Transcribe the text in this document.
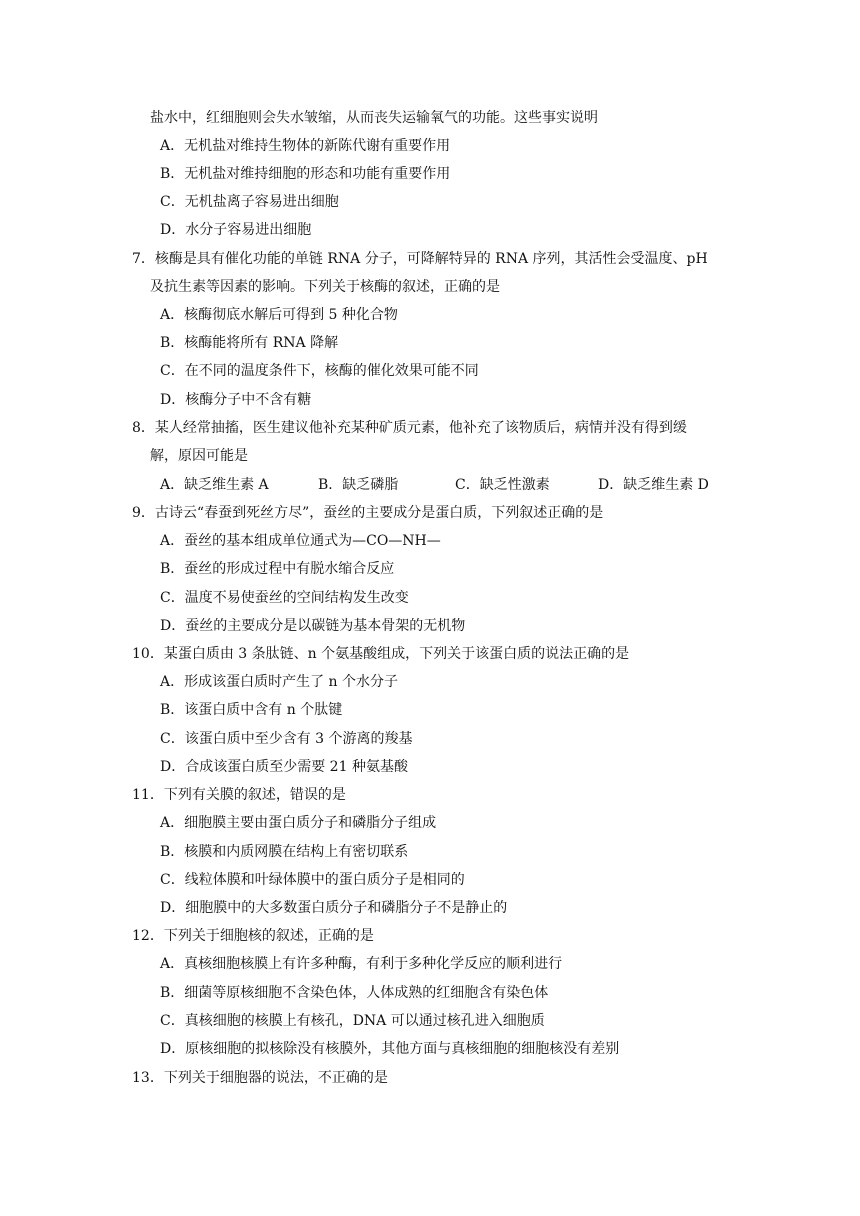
盐水中，红细胞则会失水皱缩，从而丧失运输氧气的功能。这些事实说明
A．无机盐对维持生物体的新陈代谢有重要作用
B．无机盐对维持细胞的形态和功能有重要作用
C．无机盐离子容易进出细胞
D．水分子容易进出细胞
7．核酶是具有催化功能的单链 RNA 分子，可降解特异的 RNA 序列，其活性会受温度、pH
及抗生素等因素的影响。下列关于核酶的叙述，正确的是
A．核酶彻底水解后可得到 5 种化合物
B．核酶能将所有 RNA 降解
C．在不同的温度条件下，核酶的催化效果可能不同
D．核酶分子中不含有糖
8．某人经常抽搐，医生建议他补充某种矿质元素，他补充了该物质后，病情并没有得到缓
解，原因可能是
A．缺乏维生素 A	B．缺乏磷脂	C．缺乏性激素	D．缺乏维生素 D
9．古诗云“春蚕到死丝方尽”，蚕丝的主要成分是蛋白质，下列叙述正确的是
A．蚕丝的基本组成单位通式为—CO—NH—
B．蚕丝的形成过程中有脱水缩合反应
C．温度不易使蚕丝的空间结构发生改变
D．蚕丝的主要成分是以碳链为基本骨架的无机物
10．某蛋白质由 3 条肽链、n 个氨基酸组成，下列关于该蛋白质的说法正确的是
A．形成该蛋白质时产生了 n 个水分子
B．该蛋白质中含有 n 个肽键
C．该蛋白质中至少含有 3 个游离的羧基
D．合成该蛋白质至少需要 21 种氨基酸
11．下列有关膜的叙述，错误的是
A．细胞膜主要由蛋白质分子和磷脂分子组成
B．核膜和内质网膜在结构上有密切联系
C．线粒体膜和叶绿体膜中的蛋白质分子是相同的
D．细胞膜中的大多数蛋白质分子和磷脂分子不是静止的
12．下列关于细胞核的叙述，正确的是
A．真核细胞核膜上有许多种酶，有利于多种化学反应的顺利进行
B．细菌等原核细胞不含染色体，人体成熟的红细胞含有染色体
C．真核细胞的核膜上有核孔，DNA 可以通过核孔进入细胞质
D．原核细胞的拟核除没有核膜外，其他方面与真核细胞的细胞核没有差别
13．下列关于细胞器的说法，不正确的是
